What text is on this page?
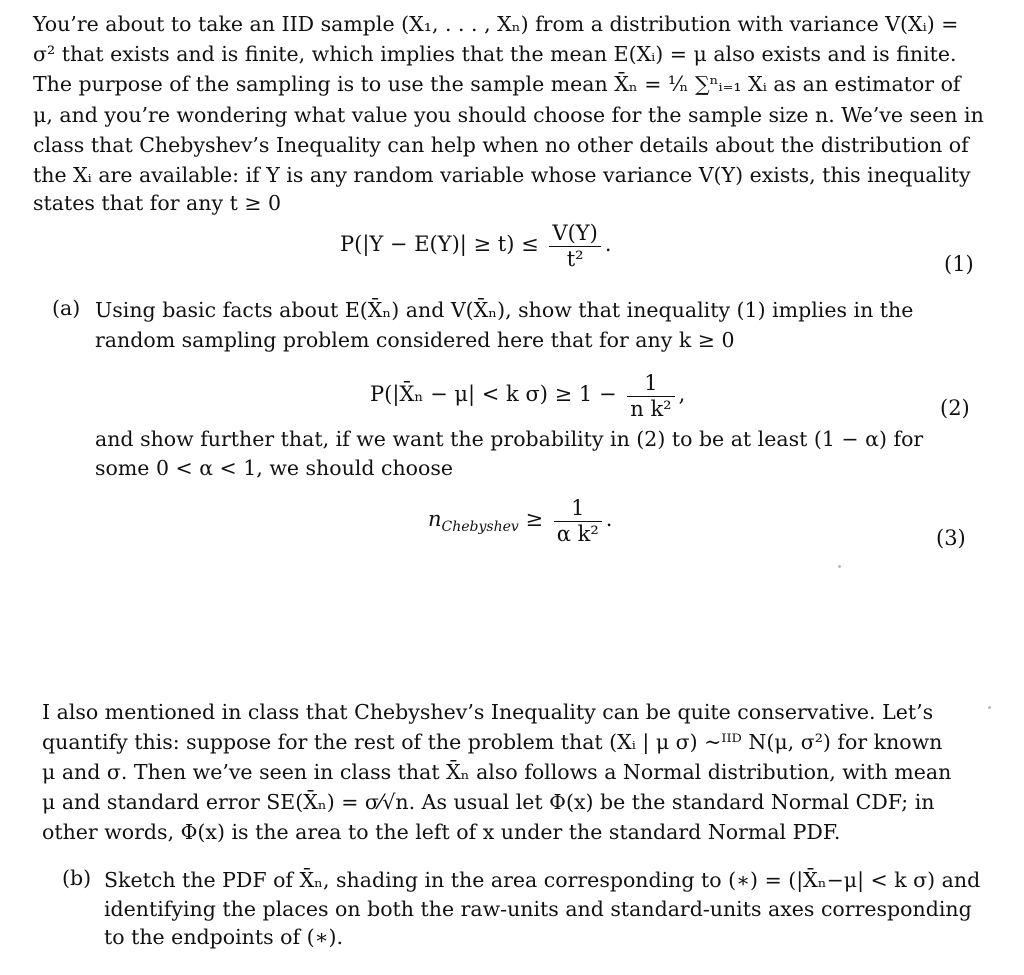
You’re about to take an IID sample (X₁, . . . , Xₙ) from a distribution with variance V(Xᵢ) =
σ² that exists and is finite, which implies that the mean E(Xᵢ) = μ also exists and is finite.
The purpose of the sampling is to use the sample mean X̄ₙ = ¹⁄ₙ ∑ⁿᵢ₌₁ Xᵢ as an estimator of
μ, and you’re wondering what value you should choose for the sample size n. We’ve seen in
class that Chebyshev’s Inequality can help when no other details about the distribution of
the Xᵢ are available: if Y is any random variable whose variance V(Y) exists, this inequality
states that for any t ≥ 0
$P(|Y - E(Y)| \ge t) \le \frac{V(Y)}{\text{t²}}$ .
(1)
(a) Using basic facts about E(X̄ₙ) and V(X̄ₙ), show that inequality (1) implies in the
random sampling problem considered here that for any k ≥ 0
P(|X̄ₙ − μ| < k $\sigma) \ge 1 - \frac{1}{\text{n k²}}$ ,
(2)
and show further that, if we want the probability in (2) to be at least (1 − α) for
some 0 < α < 1, we should choose
$n_{Chebyshev} \ge \frac{1}{\text{α k²}}$ .
(3)
I also mentioned in class that Chebyshev’s Inequality can be quite conservative. Let’s
quantify this: suppose for the rest of the problem that (Xᵢ | μ σ) ~ᴵᴵᴰ N(μ, σ²) for known
μ and σ. Then we’ve seen in class that X̄ₙ also follows a Normal distribution, with mean
μ and standard error SE(X̄ₙ) = σ⁄√n. As usual let Φ(x) be the standard Normal CDF; in
other words, Φ(x) is the area to the left of x under the standard Normal PDF.
(b) Sketch the PDF of X̄ₙ, shading in the area corresponding to (∗) = (|X̄ₙ−μ| < k σ) and
identifying the places on both the raw-units and standard-units axes corresponding
to the endpoints of (∗).
